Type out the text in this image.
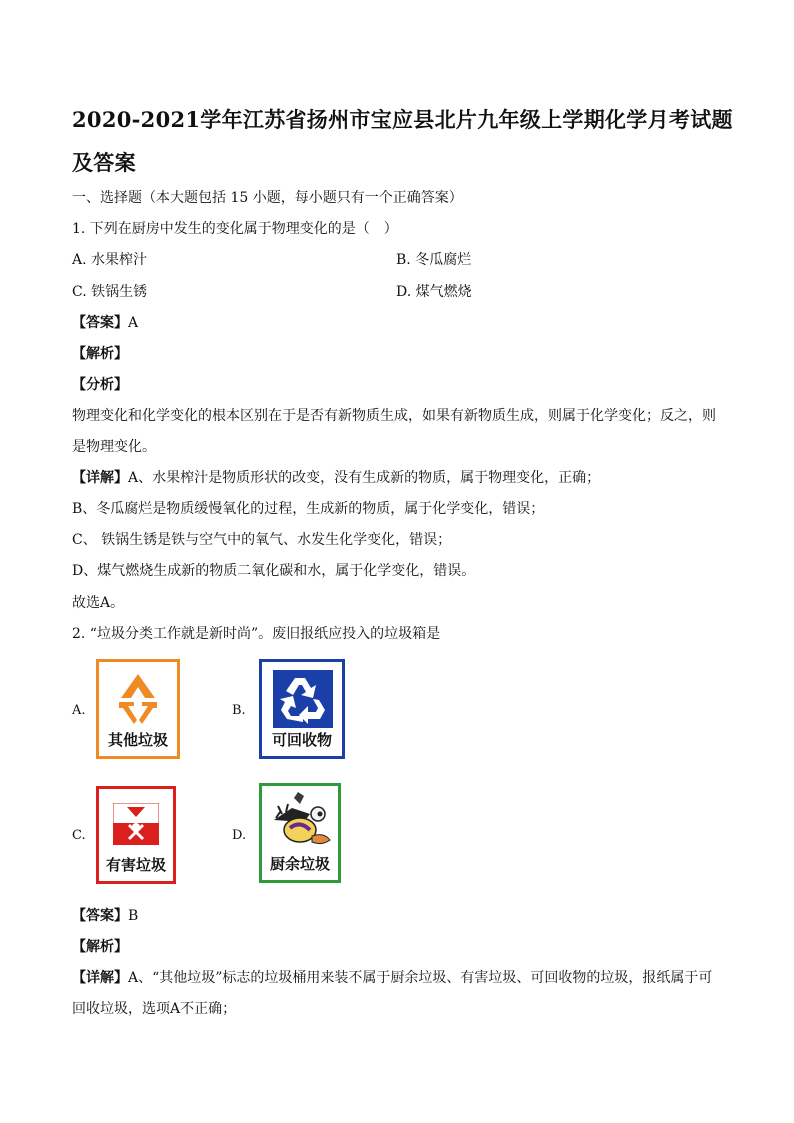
2020-2021学年江苏省扬州市宝应县北片九年级上学期化学月考试题
及答案
一、选择题（本大题包括 15 小题，每小题只有一个正确答案）
1. 下列在厨房中发生的变化属于物理变化的是（　）
A. 水果榨汁	B. 冬瓜腐烂
C. 铁锅生锈	D. 煤气燃烧
【答案】A
【解析】
【分析】
物理变化和化学变化的根本区别在于是否有新物质生成，如果有新物质生成，则属于化学变化；反之，则
是物理变化。
【详解】A、水果榨汁是物质形状的改变，没有生成新的物质，属于物理变化，正确；
B、冬瓜腐烂是物质缓慢氧化的过程，生成新的物质，属于化学变化，错误；
C、 铁锅生锈是铁与空气中的氧气、水发生化学变化，错误；
D、煤气燃烧生成新的物质二氧化碳和水，属于化学变化，错误。
故选A。
2. “垃圾分类工作就是新时尚”。废旧报纸应投入的垃圾箱是
A.
其他垃圾
B.
可回收物
C.
有害垃圾
D.
厨余垃圾
【答案】B
【解析】
【详解】A、“其他垃圾”标志的垃圾桶用来装不属于厨余垃圾、有害垃圾、可回收物的垃圾，报纸属于可
回收垃圾，选项A不正确；
